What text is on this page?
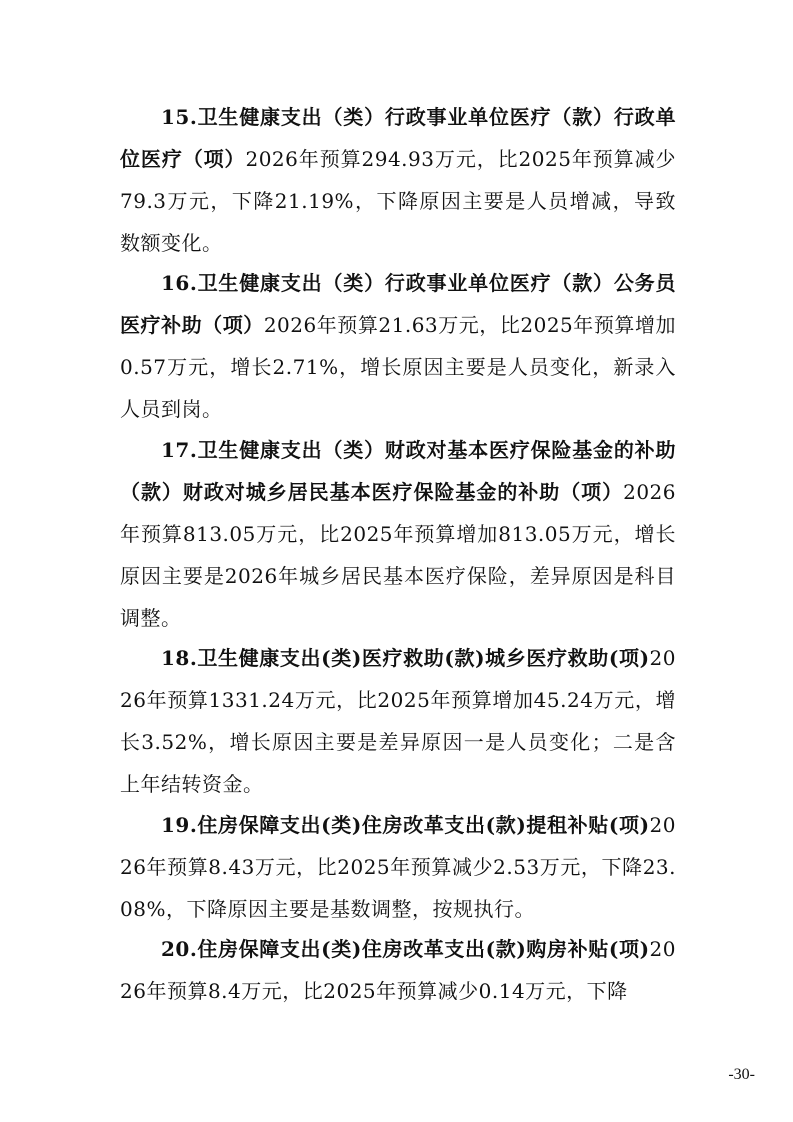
15.卫生健康支出（类）行政事业单位医疗（款）行政单位医疗（项）2026年预算294.93万元，比2025年预算减少79.3万元，下降21.19%，下降原因主要是人员增减，导致数额变化。

16.卫生健康支出（类）行政事业单位医疗（款）公务员医疗补助（项）2026年预算21.63万元，比2025年预算增加0.57万元，增长2.71%，增长原因主要是人员变化，新录入人员到岗。

17.卫生健康支出（类）财政对基本医疗保险基金的补助（款）财政对城乡居民基本医疗保险基金的补助（项）2026年预算813.05万元，比2025年预算增加813.05万元，增长原因主要是2026年城乡居民基本医疗保险，差异原因是科目调整。

18.卫生健康支出(类)医疗救助(款)城乡医疗救助(项)2026年预算1331.24万元，比2025年预算增加45.24万元，增长3.52%，增长原因主要是差异原因一是人员变化；二是含上年结转资金。

19.住房保障支出(类)住房改革支出(款)提租补贴(项)2026年预算8.43万元，比2025年预算减少2.53万元，下降23.08%，下降原因主要是基数调整，按规执行。

20.住房保障支出(类)住房改革支出(款)购房补贴(项)2026年预算8.4万元，比2025年预算减少0.14万元，下降

-30-
